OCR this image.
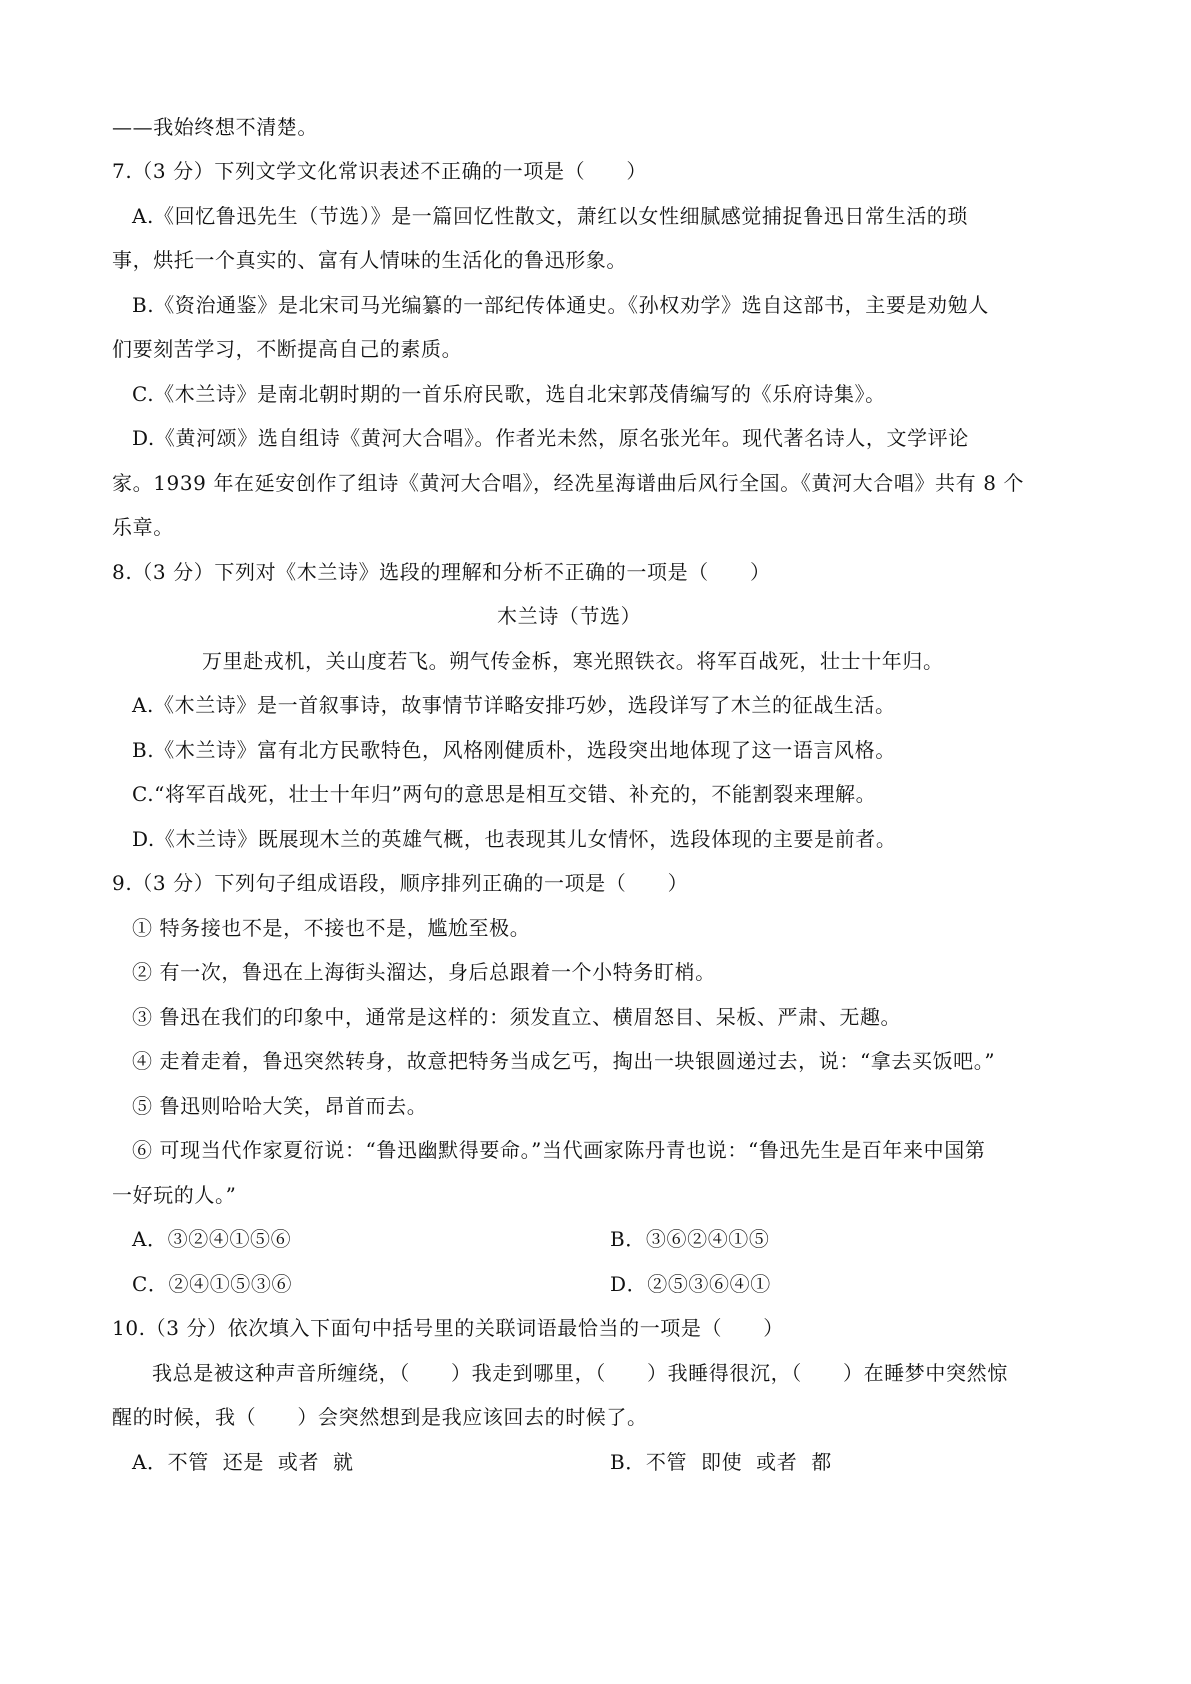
——我始终想不清楚。
7.（3 分）下列文学文化常识表述不正确的一项是（　　）
A.《回忆鲁迅先生（节选）》是一篇回忆性散文，萧红以女性细腻感觉捕捉鲁迅日常生活的琐
事，烘托一个真实的、富有人情味的生活化的鲁迅形象。
B.《资治通鉴》是北宋司马光编纂的一部纪传体通史。《孙权劝学》选自这部书，主要是劝勉人
们要刻苦学习，不断提高自己的素质。
C.《木兰诗》是南北朝时期的一首乐府民歌，选自北宋郭茂倩编写的《乐府诗集》。
D.《黄河颂》选自组诗《黄河大合唱》。作者光未然，原名张光年。现代著名诗人，文学评论
家。1939 年在延安创作了组诗《黄河大合唱》，经冼星海谱曲后风行全国。《黄河大合唱》共有 8 个
乐章。
8.（3 分）下列对《木兰诗》选段的理解和分析不正确的一项是（　　）
木兰诗（节选）
万里赴戎机，关山度若飞。朔气传金柝，寒光照铁衣。将军百战死，壮士十年归。
A.《木兰诗》是一首叙事诗，故事情节详略安排巧妙，选段详写了木兰的征战生活。
B.《木兰诗》富有北方民歌特色，风格刚健质朴，选段突出地体现了这一语言风格。
C.“将军百战死，壮士十年归”两句的意思是相互交错、补充的，不能割裂来理解。
D.《木兰诗》既展现木兰的英雄气概，也表现其儿女情怀，选段体现的主要是前者。
9.（3 分）下列句子组成语段，顺序排列正确的一项是（　　）
① 特务接也不是，不接也不是，尴尬至极。
② 有一次，鲁迅在上海街头溜达，身后总跟着一个小特务盯梢。
③ 鲁迅在我们的印象中，通常是这样的：须发直立、横眉怒目、呆板、严肃、无趣。
④ 走着走着，鲁迅突然转身，故意把特务当成乞丐，掏出一块银圆递过去，说：“拿去买饭吧。”
⑤ 鲁迅则哈哈大笑，昂首而去。
⑥ 可现当代作家夏衍说：“鲁迅幽默得要命。”当代画家陈丹青也说：“鲁迅先生是百年来中国第
一好玩的人。”
A．③②④①⑤⑥	B．③⑥②④①⑤
C．②④①⑤③⑥	D．②⑤③⑥④①
10.（3 分）依次填入下面句中括号里的关联词语最恰当的一项是（　　）
我总是被这种声音所缠绕，（　　）我走到哪里，（　　）我睡得很沉，（　　）在睡梦中突然惊
醒的时候，我（　　）会突然想到是我应该回去的时候了。
A．不管  还是  或者  就	B．不管  即使  或者  都
